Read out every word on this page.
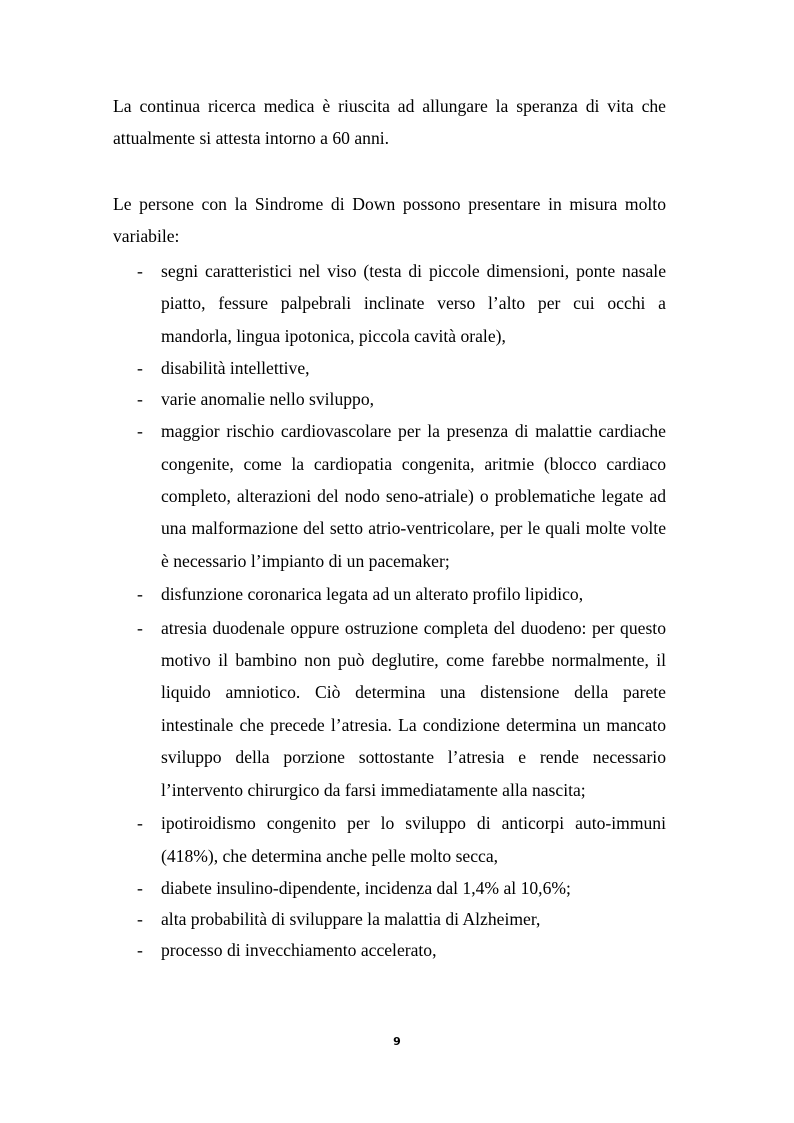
La continua ricerca medica è riuscita ad allungare la speranza di vita che attualmente si attesta intorno a 60 anni.

Le persone con la Sindrome di Down possono presentare in misura molto variabile:

- segni caratteristici nel viso (testa di piccole dimensioni, ponte nasale piatto, fessure palpebrali inclinate verso l’alto per cui occhi a mandorla, lingua ipotonica, piccola cavità orale),
- disabilità intellettive,
- varie anomalie nello sviluppo,
- maggior rischio cardiovascolare per la presenza di malattie cardiache congenite, come la cardiopatia congenita, aritmie (blocco cardiaco completo, alterazioni del nodo seno-atriale) o problematiche legate ad una malformazione del setto atrio-ventricolare, per le quali molte volte è necessario l’impianto di un pacemaker;
- disfunzione coronarica legata ad un alterato profilo lipidico,
- atresia duodenale oppure ostruzione completa del duodeno: per questo motivo il bambino non può deglutire, come farebbe normalmente, il liquido amniotico. Ciò determina una distensione della parete intestinale che precede l’atresia. La condizione determina un mancato sviluppo della porzione sottostante l’atresia e rende necessario l’intervento chirurgico da farsi immediatamente alla nascita;
- ipotiroidismo congenito per lo sviluppo di anticorpi auto-immuni (418%), che determina anche pelle molto secca,
- diabete insulino-dipendente, incidenza dal 1,4% al 10,6%;
- alta probabilità di sviluppare la malattia di Alzheimer,
- processo di invecchiamento accelerato,
9
